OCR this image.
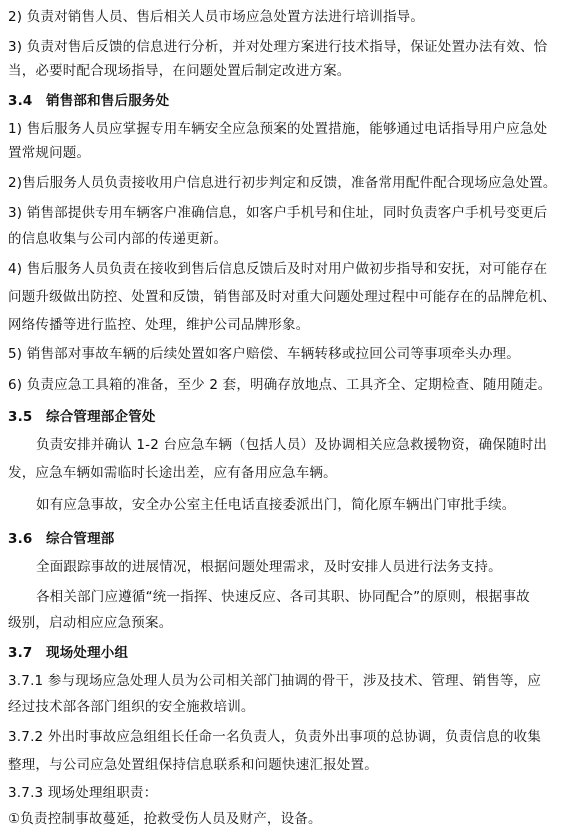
2) 负责对销售人员、售后相关人员市场应急处置方法进行培训指导。
3) 负责对售后反馈的信息进行分析，并对处理方案进行技术指导，保证处置办法有效、恰
当，必要时配合现场指导，在问题处置后制定改进方案。
3.4 销售部和售后服务处
1) 售后服务人员应掌握专用车辆安全应急预案的处置措施，能够通过电话指导用户应急处
置常规问题。
2)售后服务人员负责接收用户信息进行初步判定和反馈，准备常用配件配合现场应急处置。
3) 销售部提供专用车辆客户准确信息，如客户手机号和住址，同时负责客户手机号变更后
的信息收集与公司内部的传递更新。
4) 售后服务人员负责在接收到售后信息反馈后及时对用户做初步指导和安抚，对可能存在
问题升级做出防控、处置和反馈，销售部及时对重大问题处理过程中可能存在的品牌危机、
网络传播等进行监控、处理，维护公司品牌形象。
5) 销售部对事故车辆的后续处置如客户赔偿、车辆转移或拉回公司等事项牵头办理。
6) 负责应急工具箱的准备，至少 2 套，明确存放地点、工具齐全、定期检查、随用随走。
3.5 综合管理部企管处
负责安排并确认 1-2 台应急车辆（包括人员）及协调相关应急救援物资，确保随时出
发，应急车辆如需临时长途出差，应有备用应急车辆。
如有应急事故，安全办公室主任电话直接委派出门，简化原车辆出门审批手续。
3.6 综合管理部
全面跟踪事故的进展情况，根据问题处理需求，及时安排人员进行法务支持。
各相关部门应遵循“统一指挥、快速反应、各司其职、协同配合”的原则，根据事故
级别，启动相应应急预案。
3.7 现场处理小组
3.7.1 参与现场应急处理人员为公司相关部门抽调的骨干，涉及技术、管理、销售等，应
经过技术部各部门组织的安全施救培训。
3.7.2 外出时事故应急组组长任命一名负责人，负责外出事项的总协调，负责信息的收集
整理，与公司应急处置组保持信息联系和问题快速汇报处置。
3.7.3 现场处理组职责：
①负责控制事故蔓延，抢救受伤人员及财产，设备。
